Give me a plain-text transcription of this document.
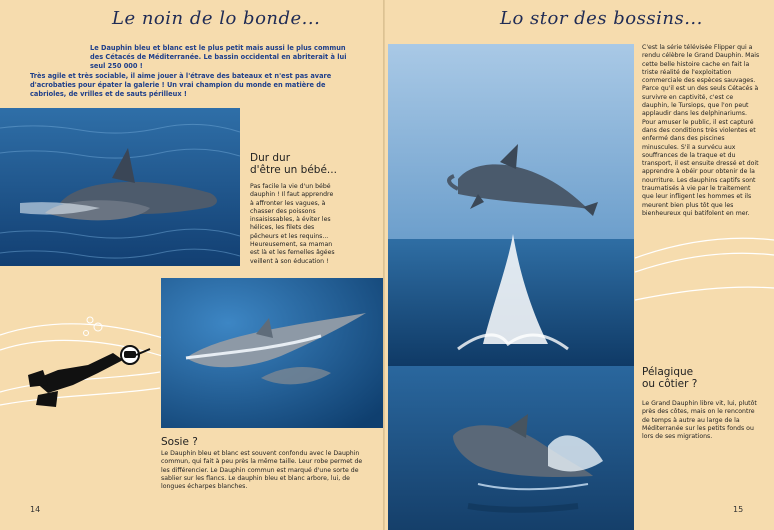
Le noin de lo bonde...
Le Dauphin bleu et blanc est le plus petit mais aussi le plus commun des Cétacés de Méditerranée. Le bassin occidental en abriterait à lui seul 250 000 !
Très agile et très sociable, il aime jouer à l'étrave des bateaux et n'est pas avare d'acrobaties pour épater la galerie ! Un vrai champion du monde en matière de cabrioles, de vrilles et de sauts périlleux !
Dur dur
d'être un bébé...
Pas facile la vie d'un bébé dauphin ! Il faut apprendre à affronter les vagues, à chasser des poissons insaisissables, à éviter les hélices, les filets des pêcheurs et les requins... Heureusement, sa maman est là et les femelles âgées veillent à son éducation !
Sosie ?
Le Dauphin bleu et blanc est souvent confondu avec le Dauphin commun, qui fait à peu près la même taille. Leur robe permet de les différencier. Le Dauphin commun est marqué d'une sorte de sablier sur les flancs. Le dauphin bleu et blanc arbore, lui, de longues écharpes blanches.
14
Lo stor des bossins...
C'est la série télévisée Flipper qui a rendu célèbre le Grand Dauphin. Mais cette belle histoire cache en fait la triste réalité de l'exploitation commerciale des espèces sauvages. Parce qu'il est un des seuls Cétacés à survivre en captivité, c'est ce dauphin, le Tursiops, que l'on peut applaudir dans les delphinariums. Pour amuser le public, il est capturé dans des conditions très violentes et enfermé dans des piscines minuscules. S'il a survécu aux souffrances de la traque et du transport, il est ensuite dressé et doit apprendre à obéir pour obtenir de la nourriture. Les dauphins captifs sont traumatisés à vie par le traitement que leur infligent les hommes et ils meurent bien plus tôt que les bienheureux qui batifolent en mer.
Pélagique
ou côtier ?
Le Grand Dauphin libre vit, lui, plutôt près des côtes, mais on le rencontre de temps à autre au large de la Méditerranée sur les petits fonds ou lors de ses migrations.
15
